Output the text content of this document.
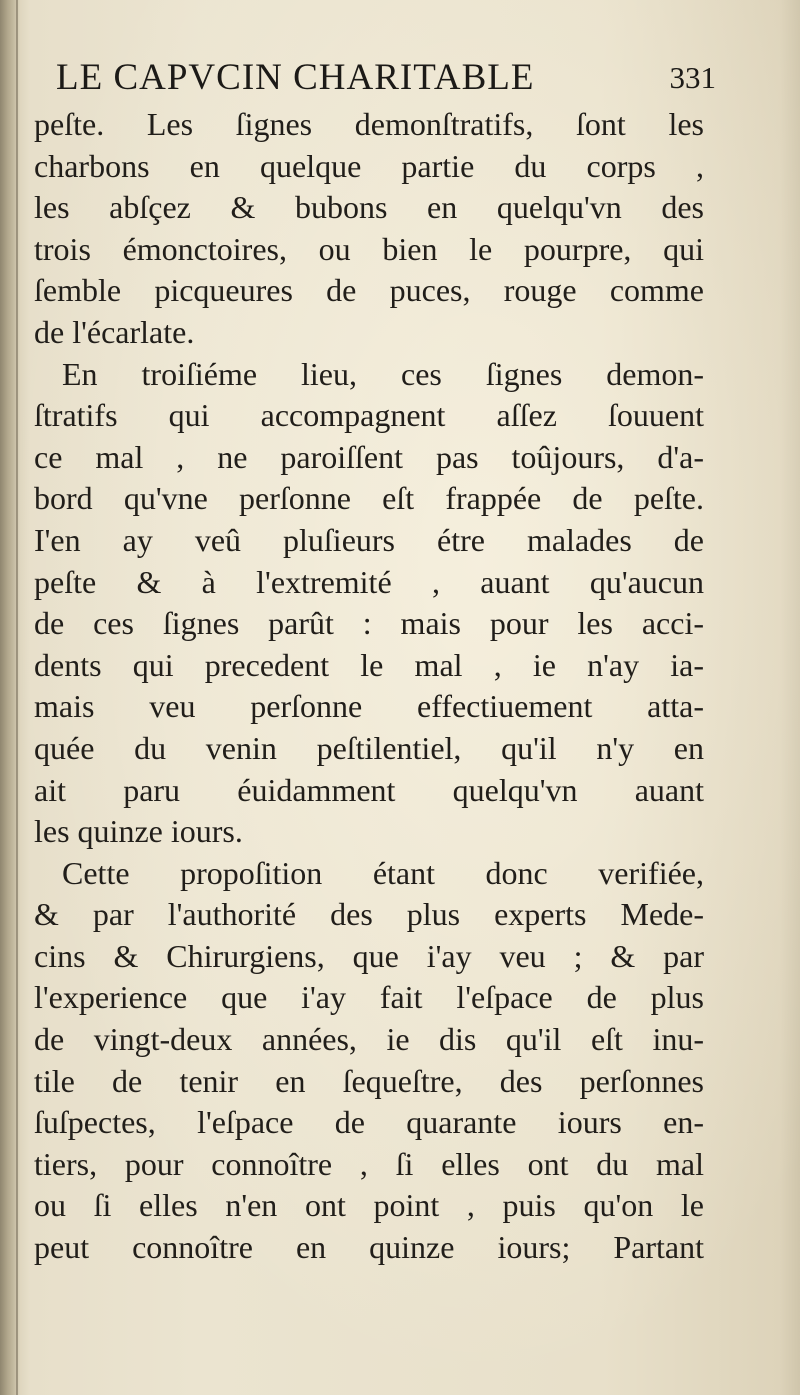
LE CAPVCIN CHARITABLE	331
peſte. Les ſignes demonſtratifs, ſont les
charbons en quelque partie du corps ,
les abſçez & bubons en quelqu'vn des
trois émonctoires, ou bien le pourpre, qui
ſemble picqueures de puces, rouge comme
de l'écarlate.
En troiſiéme lieu, ces ſignes demon-
ſtratifs qui accompagnent aſſez ſouuent
ce mal , ne paroiſſent pas toûjours, d'a-
bord qu'vne perſonne eſt frappée de peſte.
I'en ay veû pluſieurs étre malades de
peſte & à l'extremité , auant qu'aucun
de ces ſignes parût : mais pour les acci-
dents qui precedent le mal , ie n'ay ia-
mais veu perſonne effectiuement atta-
quée du venin peſtilentiel, qu'il n'y en
ait paru éuidamment quelqu'vn auant
les quinze iours.
Cette propoſition étant donc verifiée,
& par l'authorité des plus experts Mede-
cins & Chirurgiens, que i'ay veu ; & par
l'experience que i'ay fait l'eſpace de plus
de vingt-deux années, ie dis qu'il eſt inu-
tile de tenir en ſequeſtre, des perſonnes
ſuſpectes, l'eſpace de quarante iours en-
tiers, pour connoître , ſi elles ont du mal
ou ſi elles n'en ont point , puis qu'on le
peut connoître en quinze iours; Partant
